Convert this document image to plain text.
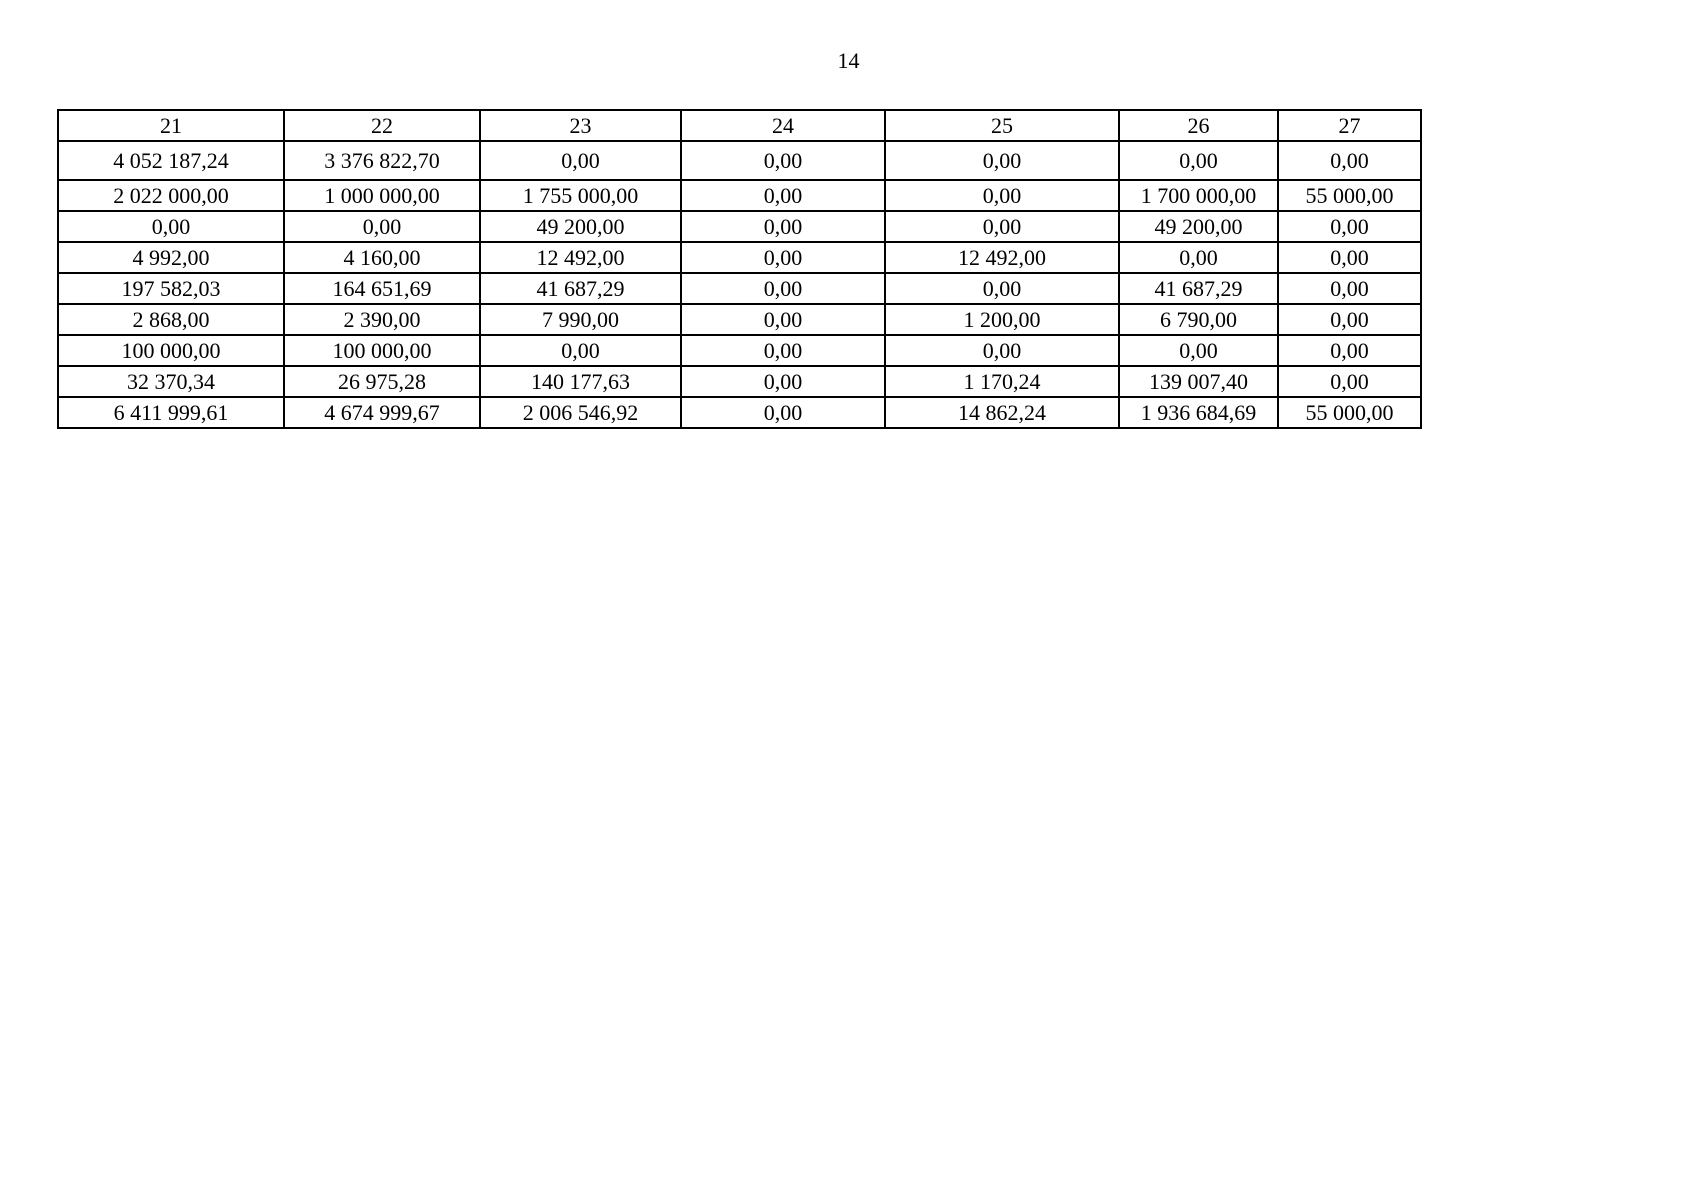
14
21	22	23	24	25	26	27
4 052 187,24	3 376 822,70	0,00	0,00	0,00	0,00	0,00
2 022 000,00	1 000 000,00	1 755 000,00	0,00	0,00	1 700 000,00	55 000,00
0,00	0,00	49 200,00	0,00	0,00	49 200,00	0,00
4 992,00	4 160,00	12 492,00	0,00	12 492,00	0,00	0,00
197 582,03	164 651,69	41 687,29	0,00	0,00	41 687,29	0,00
2 868,00	2 390,00	7 990,00	0,00	1 200,00	6 790,00	0,00
100 000,00	100 000,00	0,00	0,00	0,00	0,00	0,00
32 370,34	26 975,28	140 177,63	0,00	1 170,24	139 007,40	0,00
6 411 999,61	4 674 999,67	2 006 546,92	0,00	14 862,24	1 936 684,69	55 000,00
